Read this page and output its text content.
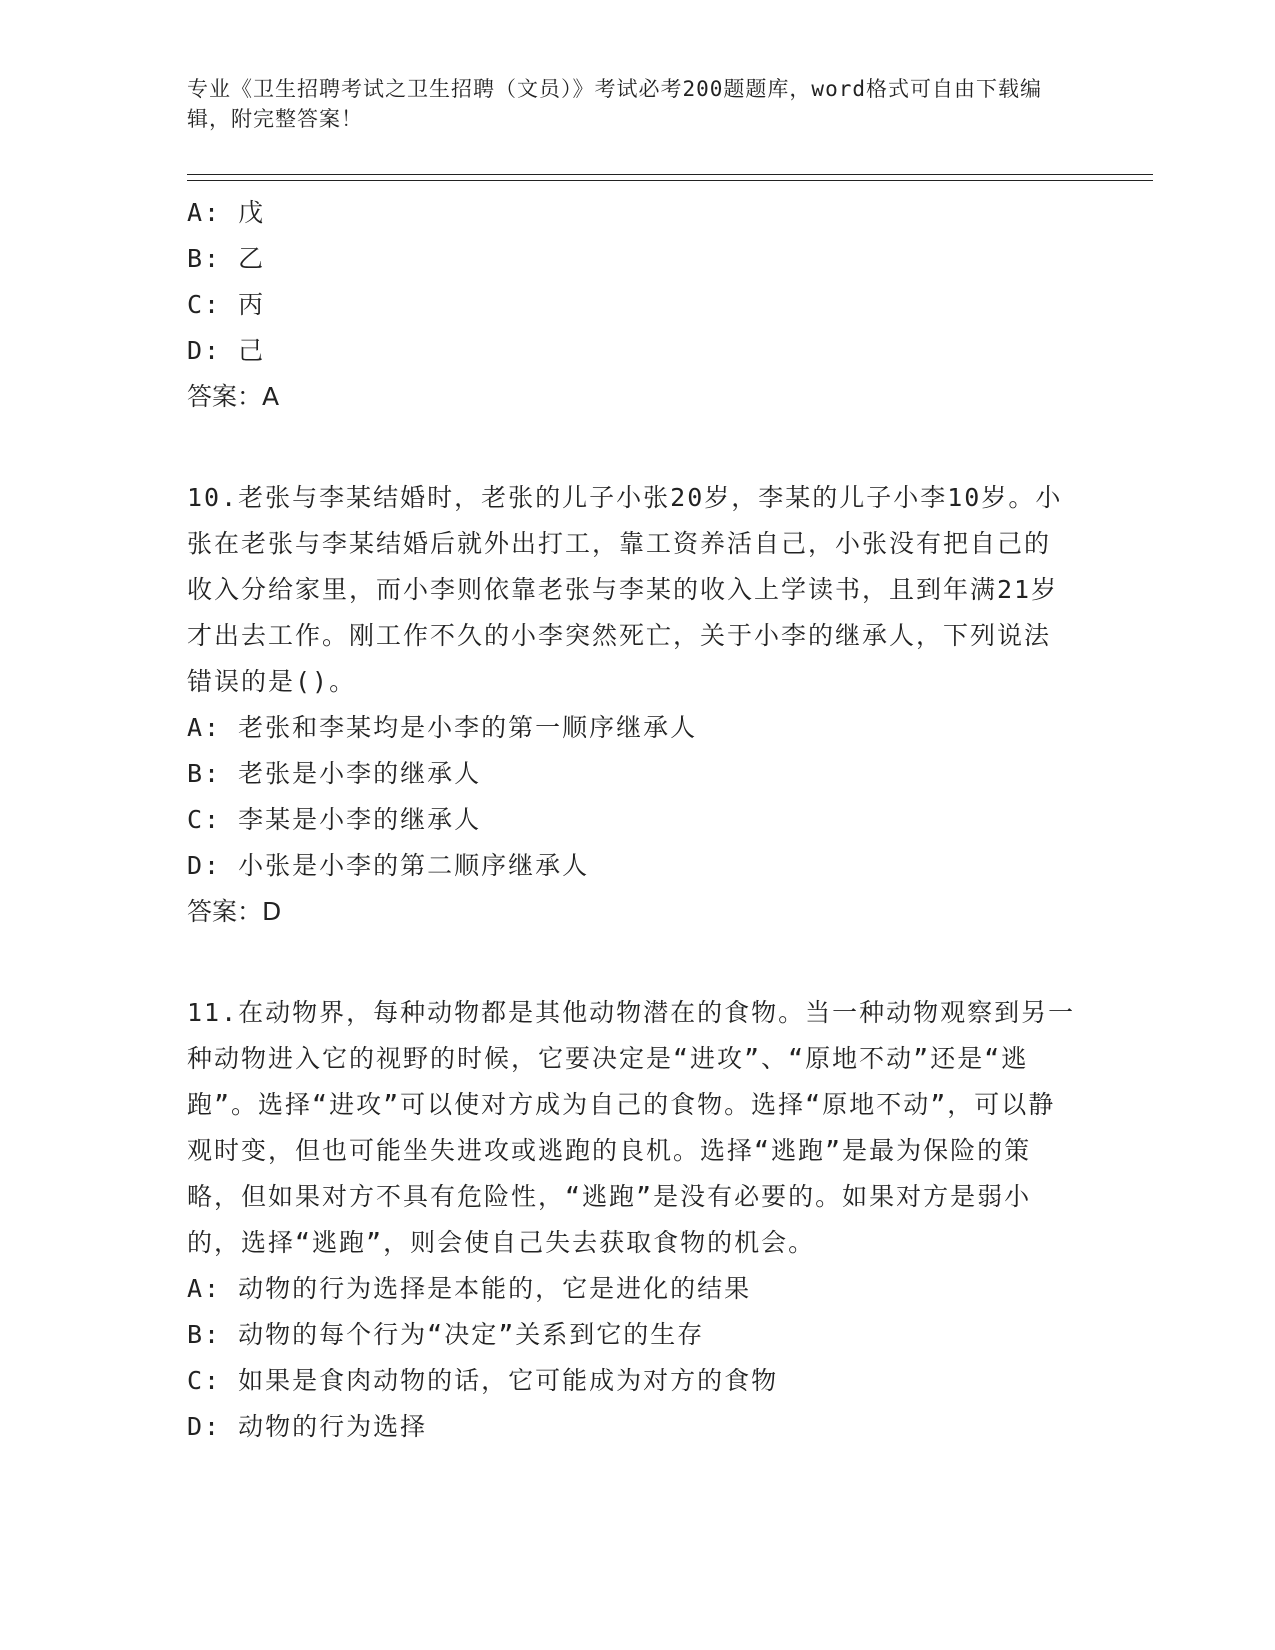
专业《卫生招聘考试之卫生招聘（文员）》考试必考200题题库，word格式可自由下载编辑，附完整答案！
A: 戊
B: 乙
C: 丙
D: 己
答案：A
10.老张与李某结婚时，老张的儿子小张20岁，李某的儿子小李10岁。小张在老张与李某结婚后就外出打工，靠工资养活自己，小张没有把自己的收入分给家里，而小李则依靠老张与李某的收入上学读书，且到年满21岁才出去工作。刚工作不久的小李突然死亡，关于小李的继承人，下列说法错误的是()。
A: 老张和李某均是小李的第一顺序继承人
B: 老张是小李的继承人
C: 李某是小李的继承人
D: 小张是小李的第二顺序继承人
答案：D
11.在动物界，每种动物都是其他动物潜在的食物。当一种动物观察到另一种动物进入它的视野的时候，它要决定是“进攻”、“原地不动”还是“逃跑”。选择“进攻”可以使对方成为自己的食物。选择“原地不动”，可以静观时变，但也可能坐失进攻或逃跑的良机。选择“逃跑”是最为保险的策略，但如果对方不具有危险性，“逃跑”是没有必要的。如果对方是弱小的，选择“逃跑”，则会使自己失去获取食物的机会。
A: 动物的行为选择是本能的，它是进化的结果
B: 动物的每个行为“决定”关系到它的生存
C: 如果是食肉动物的话，它可能成为对方的食物
D: 动物的行为选择
